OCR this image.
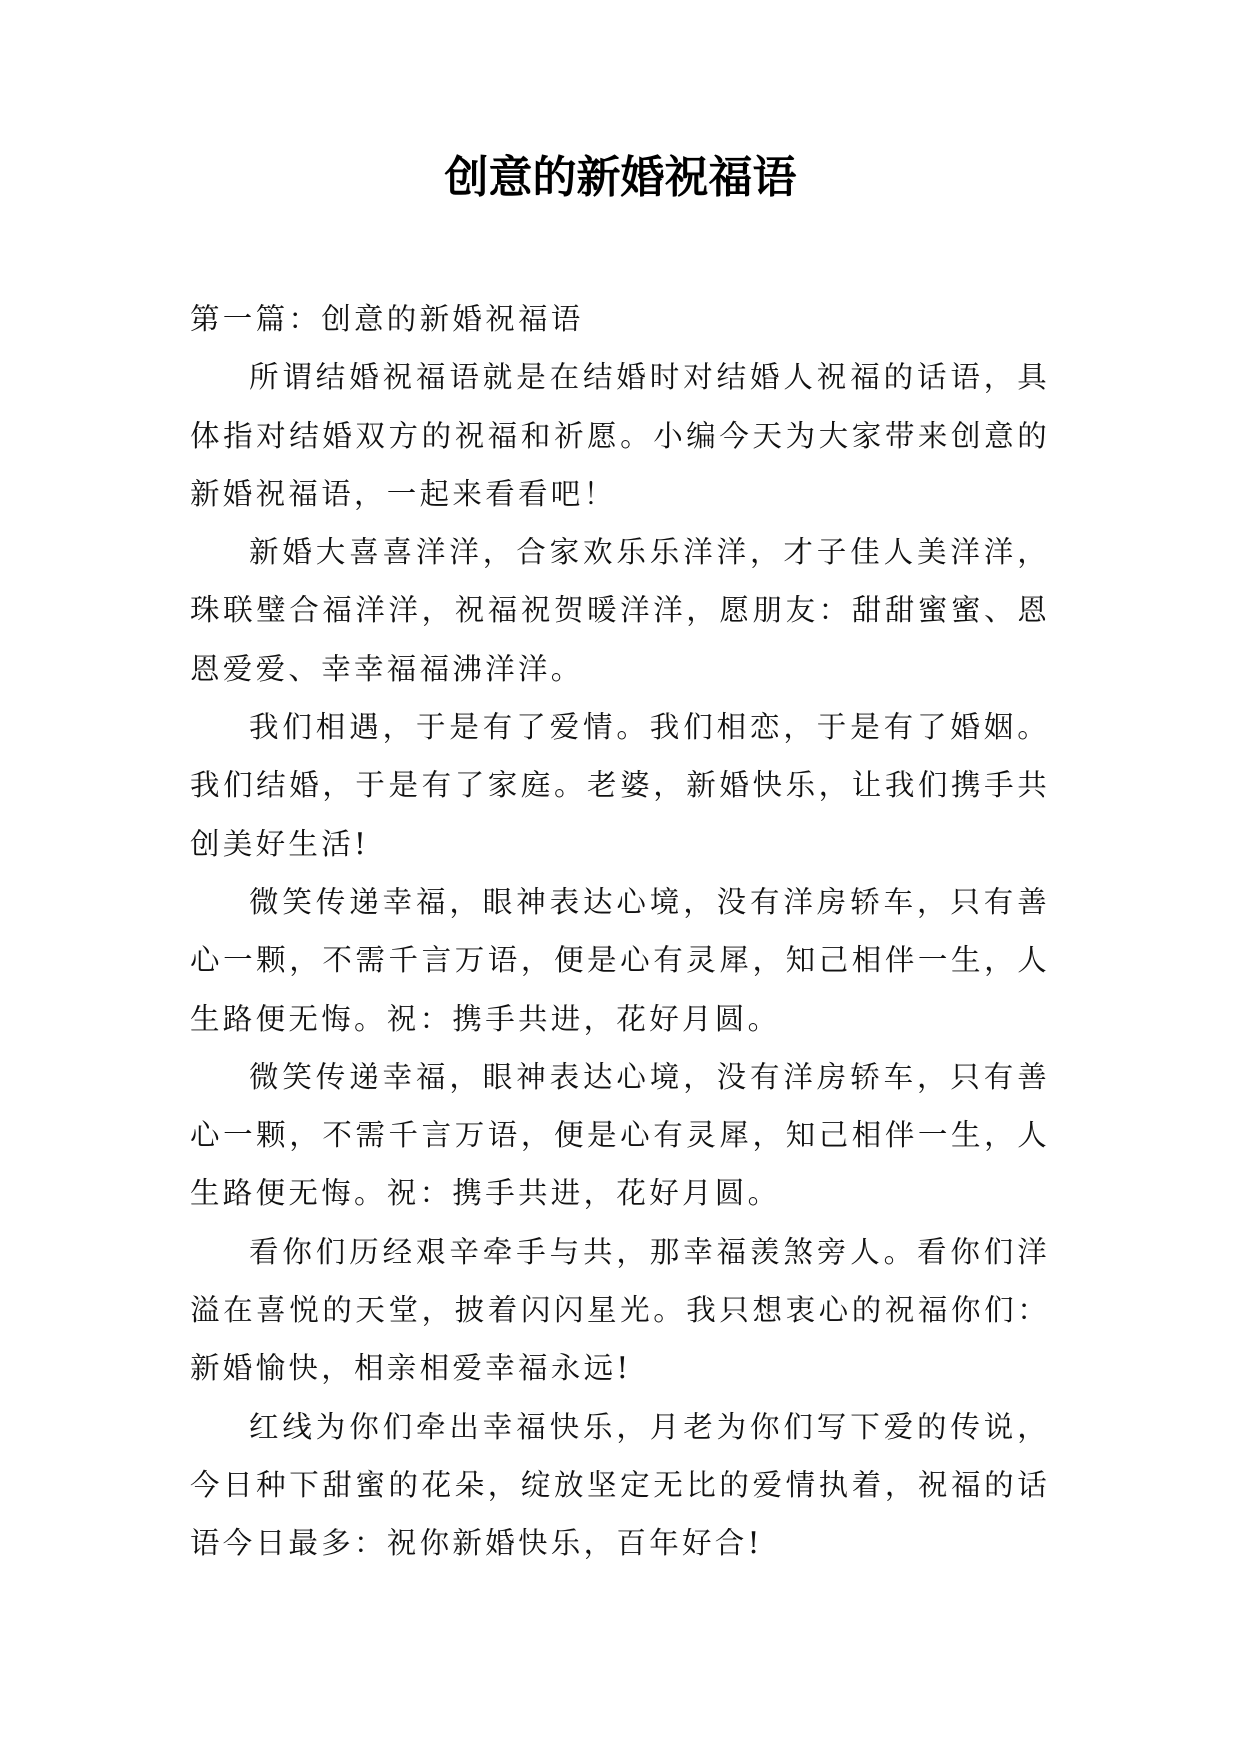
创意的新婚祝福语

第一篇：创意的新婚祝福语

所谓结婚祝福语就是在结婚时对结婚人祝福的话语，具体指对结婚双方的祝福和祈愿。小编今天为大家带来创意的新婚祝福语，一起来看看吧！

新婚大喜喜洋洋，合家欢乐乐洋洋，才子佳人美洋洋，珠联璧合福洋洋，祝福祝贺暖洋洋，愿朋友：甜甜蜜蜜、恩恩爱爱、幸幸福福沸洋洋。

我们相遇，于是有了爱情。我们相恋，于是有了婚姻。我们结婚，于是有了家庭。老婆，新婚快乐，让我们携手共创美好生活!

微笑传递幸福，眼神表达心境，没有洋房轿车，只有善心一颗，不需千言万语，便是心有灵犀，知己相伴一生，人生路便无悔。祝：携手共进，花好月圆。

微笑传递幸福，眼神表达心境，没有洋房轿车，只有善心一颗，不需千言万语，便是心有灵犀，知己相伴一生，人生路便无悔。祝：携手共进，花好月圆。

看你们历经艰辛牵手与共，那幸福羡煞旁人。看你们洋溢在喜悦的天堂，披着闪闪星光。我只想衷心的祝福你们：新婚愉快，相亲相爱幸福永远!

红线为你们牵出幸福快乐，月老为你们写下爱的传说，今日种下甜蜜的花朵，绽放坚定无比的爱情执着，祝福的话语今日最多：祝你新婚快乐，百年好合!
